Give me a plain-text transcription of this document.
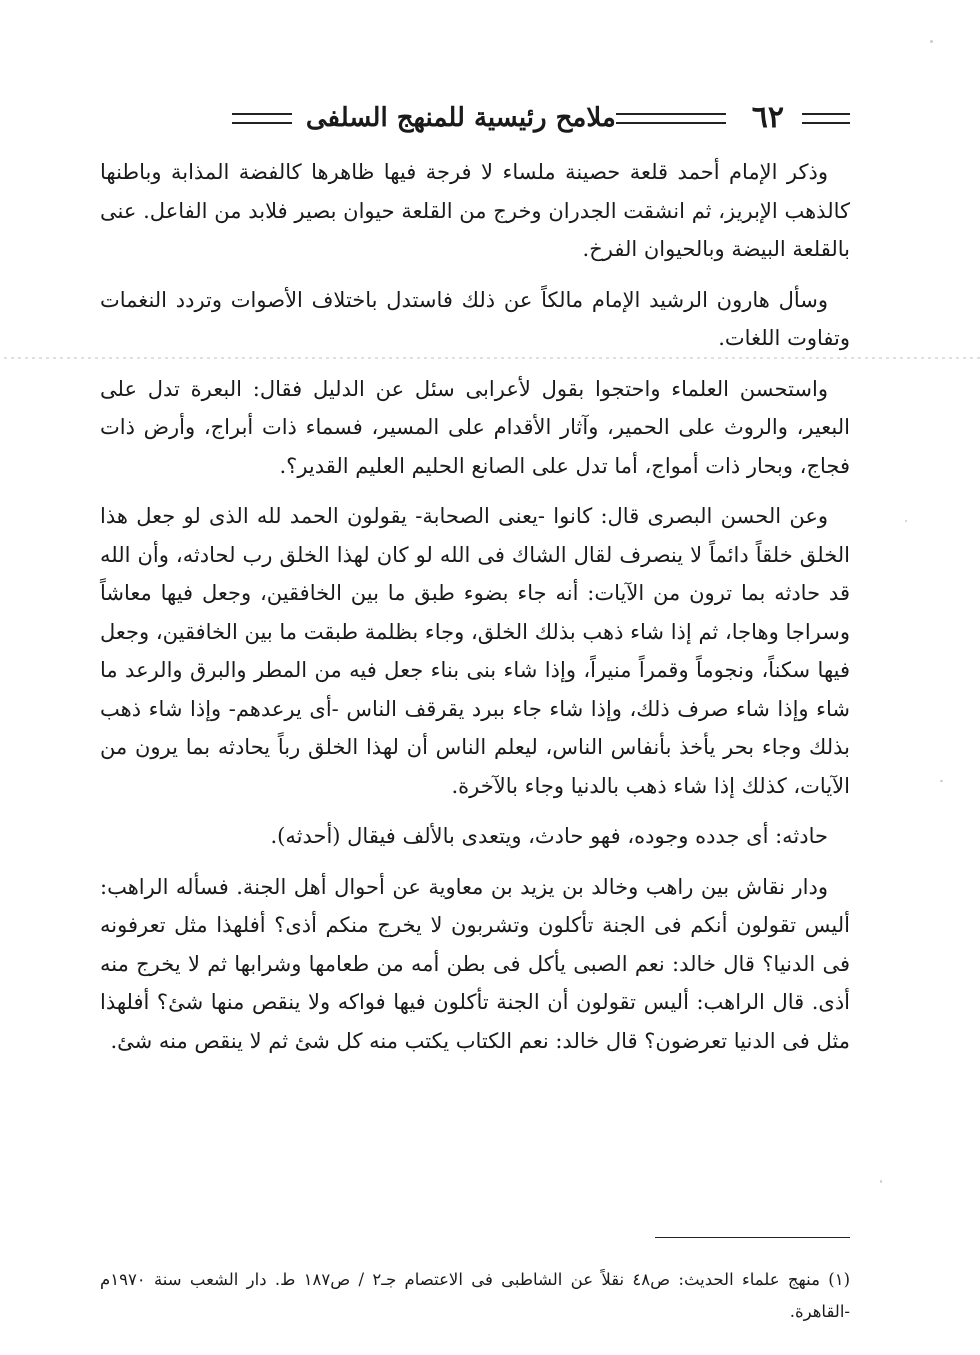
٦٢
ملامح رئيسية للمنهج السلفى

وذكر الإمام أحمد قلعة حصينة ملساء لا فرجة فيها ظاهرها كالفضة المذابة وباطنها كالذهب الإبريز، ثم انشقت الجدران وخرج من القلعة حيوان بصير فلابد من الفاعل. عنى بالقلعة البيضة وبالحيوان الفرخ.

وسأل هارون الرشيد الإمام مالكاً عن ذلك فاستدل باختلاف الأصوات وتردد النغمات وتفاوت اللغات.

واستحسن العلماء واحتجوا بقول لأعرابى سئل عن الدليل فقال: البعرة تدل على البعير، والروث على الحمير، وآثار الأقدام على المسير، فسماء ذات أبراج، وأرض ذات فجاج، وبحار ذات أمواج، أما تدل على الصانع الحليم العليم القدير؟.

وعن الحسن البصرى قال: كانوا -يعنى الصحابة- يقولون الحمد لله الذى لو جعل هذا الخلق خلقاً دائماً لا ينصرف لقال الشاك فى الله لو كان لهذا الخلق رب لحادثه، وأن الله قد حادثه بما ترون من الآيات: أنه جاء بضوء طبق ما بين الخافقين، وجعل فيها معاشاً وسراجا وهاجا، ثم إذا شاء ذهب بذلك الخلق، وجاء بظلمة طبقت ما بين الخافقين، وجعل فيها سكناً، ونجوماً وقمراً منيراً، وإذا شاء بنى بناء جعل فيه من المطر والبرق والرعد ما شاء وإذا شاء صرف ذلك، وإذا شاء جاء ببرد يقرقف الناس -أى يرعدهم- وإذا شاء ذهب بذلك وجاء بحر يأخذ بأنفاس الناس، ليعلم الناس أن لهذا الخلق رباً يحادثه بما يرون من الآيات، كذلك إذا شاء ذهب بالدنيا وجاء بالآخرة.

حادثه: أى جدده وجوده، فهو حادث، ويتعدى بالألف فيقال (أحدثه).

ودار نقاش بين راهب وخالد بن يزيد بن معاوية عن أحوال أهل الجنة. فسأله الراهب: أليس تقولون أنكم فى الجنة تأكلون وتشربون لا يخرج منكم أذى؟ أفلهذا مثل تعرفونه فى الدنيا؟ قال خالد: نعم الصبى يأكل فى بطن أمه من طعامها وشرابها ثم لا يخرج منه أذى. قال الراهب: أليس تقولون أن الجنة تأكلون فيها فواكه ولا ينقص منها شئ؟ أفلهذا مثل فى الدنيا تعرضون؟ قال خالد: نعم الكتاب يكتب منه كل شئ ثم لا ينقص منه شئ.

(١) منهج علماء الحديث: ص٤٨ نقلاً عن الشاطبى فى الاعتصام جـ٢ / ص١٨٧ ط. دار الشعب سنة ١٩٧٠م -القاهرة.
